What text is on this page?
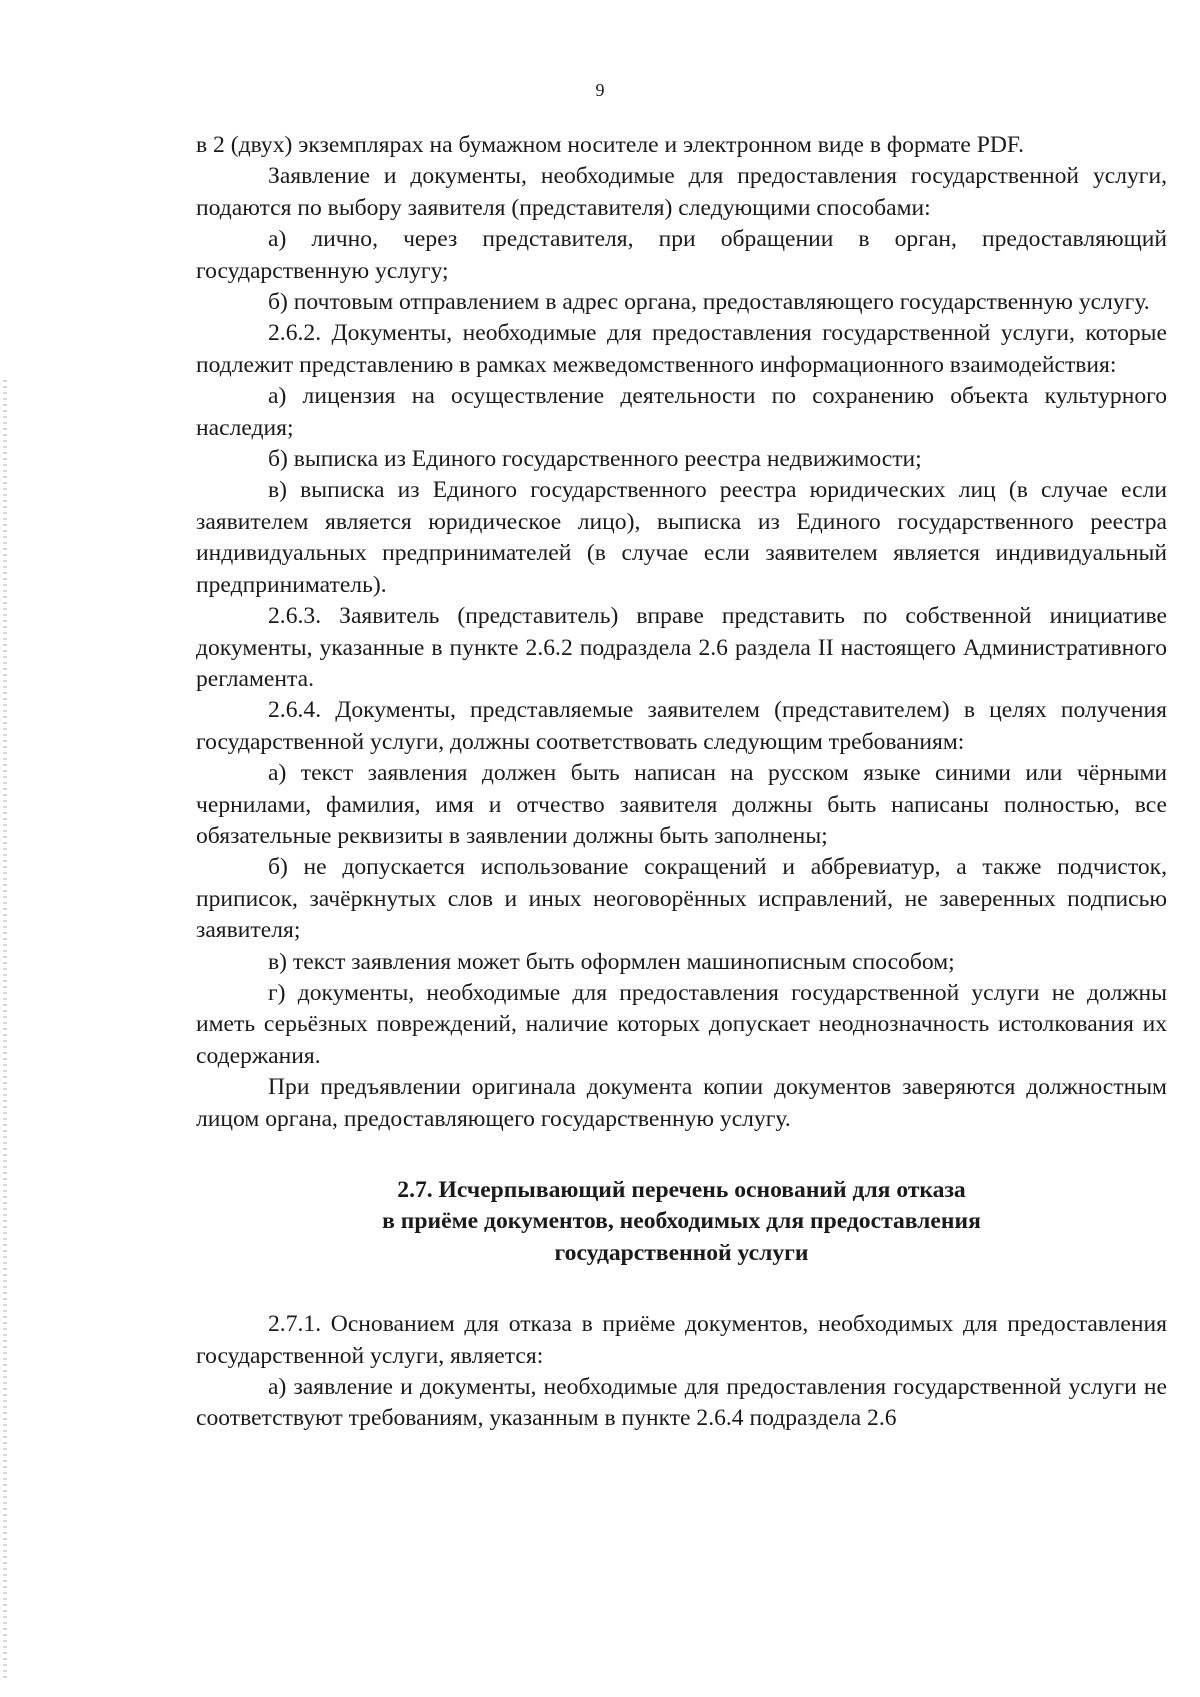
9

в 2 (двух) экземплярах на бумажном носителе и электронном виде в формате PDF.

Заявление и документы, необходимые для предоставления государственной услуги, подаются по выбору заявителя (представителя) следующими способами:

а) лично, через представителя, при обращении в орган, предоставляющий государственную услугу;

б) почтовым отправлением в адрес органа, предоставляющего государственную услугу.

2.6.2. Документы, необходимые для предоставления государственной услуги, которые подлежит представлению в рамках межведомственного информационного взаимодействия:

а) лицензия на осуществление деятельности по сохранению объекта культурного наследия;

б) выписка из Единого государственного реестра недвижимости;

в) выписка из Единого государственного реестра юридических лиц (в случае если заявителем является юридическое лицо), выписка из Единого государственного реестра индивидуальных предпринимателей (в случае если заявителем является индивидуальный предприниматель).

2.6.3. Заявитель (представитель) вправе представить по собственной инициативе документы, указанные в пункте 2.6.2 подраздела 2.6 раздела II настоящего Административного регламента.

2.6.4. Документы, представляемые заявителем (представителем) в целях получения государственной услуги, должны соответствовать следующим требованиям:

а) текст заявления должен быть написан на русском языке синими или чёрными чернилами, фамилия, имя и отчество заявителя должны быть написаны полностью, все обязательные реквизиты в заявлении должны быть заполнены;

б) не допускается использование сокращений и аббревиатур, а также подчисток, приписок, зачёркнутых слов и иных неоговорённых исправлений, не заверенных подписью заявителя;

в) текст заявления может быть оформлен машинописным способом;

г) документы, необходимые для предоставления государственной услуги не должны иметь серьёзных повреждений, наличие которых допускает неоднозначность истолкования их содержания.

При предъявлении оригинала документа копии документов заверяются должностным лицом органа, предоставляющего государственную услугу.

2.7. Исчерпывающий перечень оснований для отказа
в приёме документов, необходимых для предоставления
государственной услуги

2.7.1. Основанием для отказа в приёме документов, необходимых для предоставления государственной услуги, является:

а) заявление и документы, необходимые для предоставления государственной услуги не соответствуют требованиям, указанным в пункте 2.6.4 подраздела 2.6
